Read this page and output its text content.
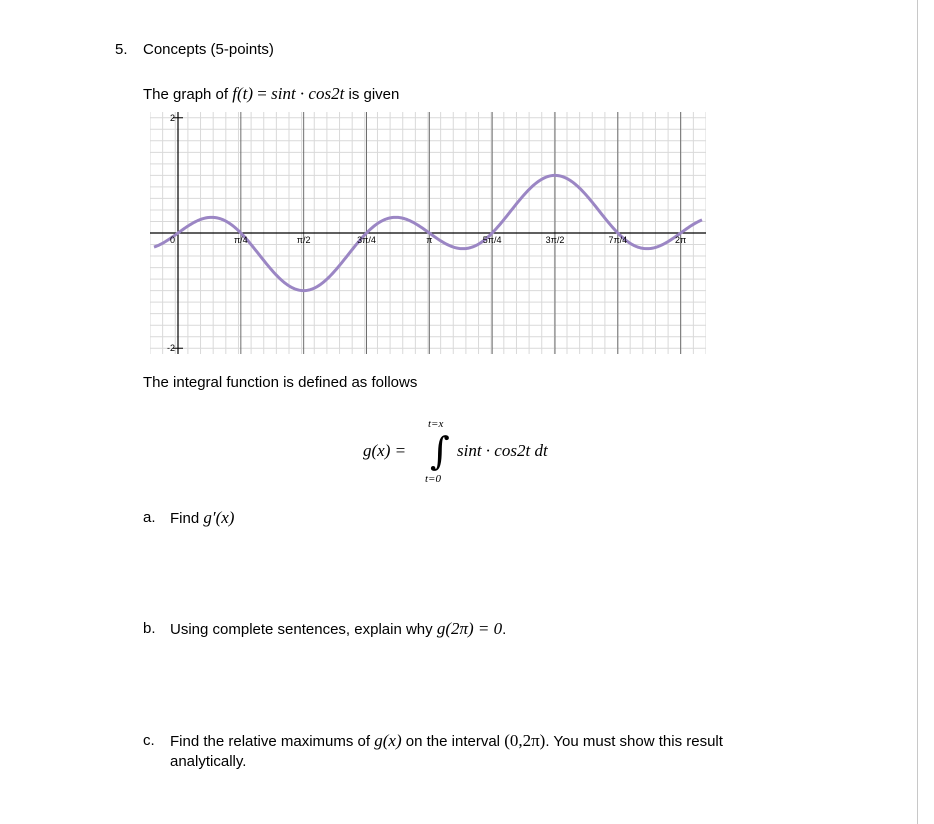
5. Concepts (5-points)
The graph of f(t) = sint · cos2t is given
2
-2
0	π/4	π/2	3π/4	π	5π/4	3π/2	7π/4	2π
The integral function is defined as follows
g(x) =
t=x
∫
t=0
sint · cos2t dt
a. Find g′(x)
b. Using complete sentences, explain why g(2π) = 0.
c. Find the relative maximums of g(x) on the interval (0,2π). You must show this result
analytically.
